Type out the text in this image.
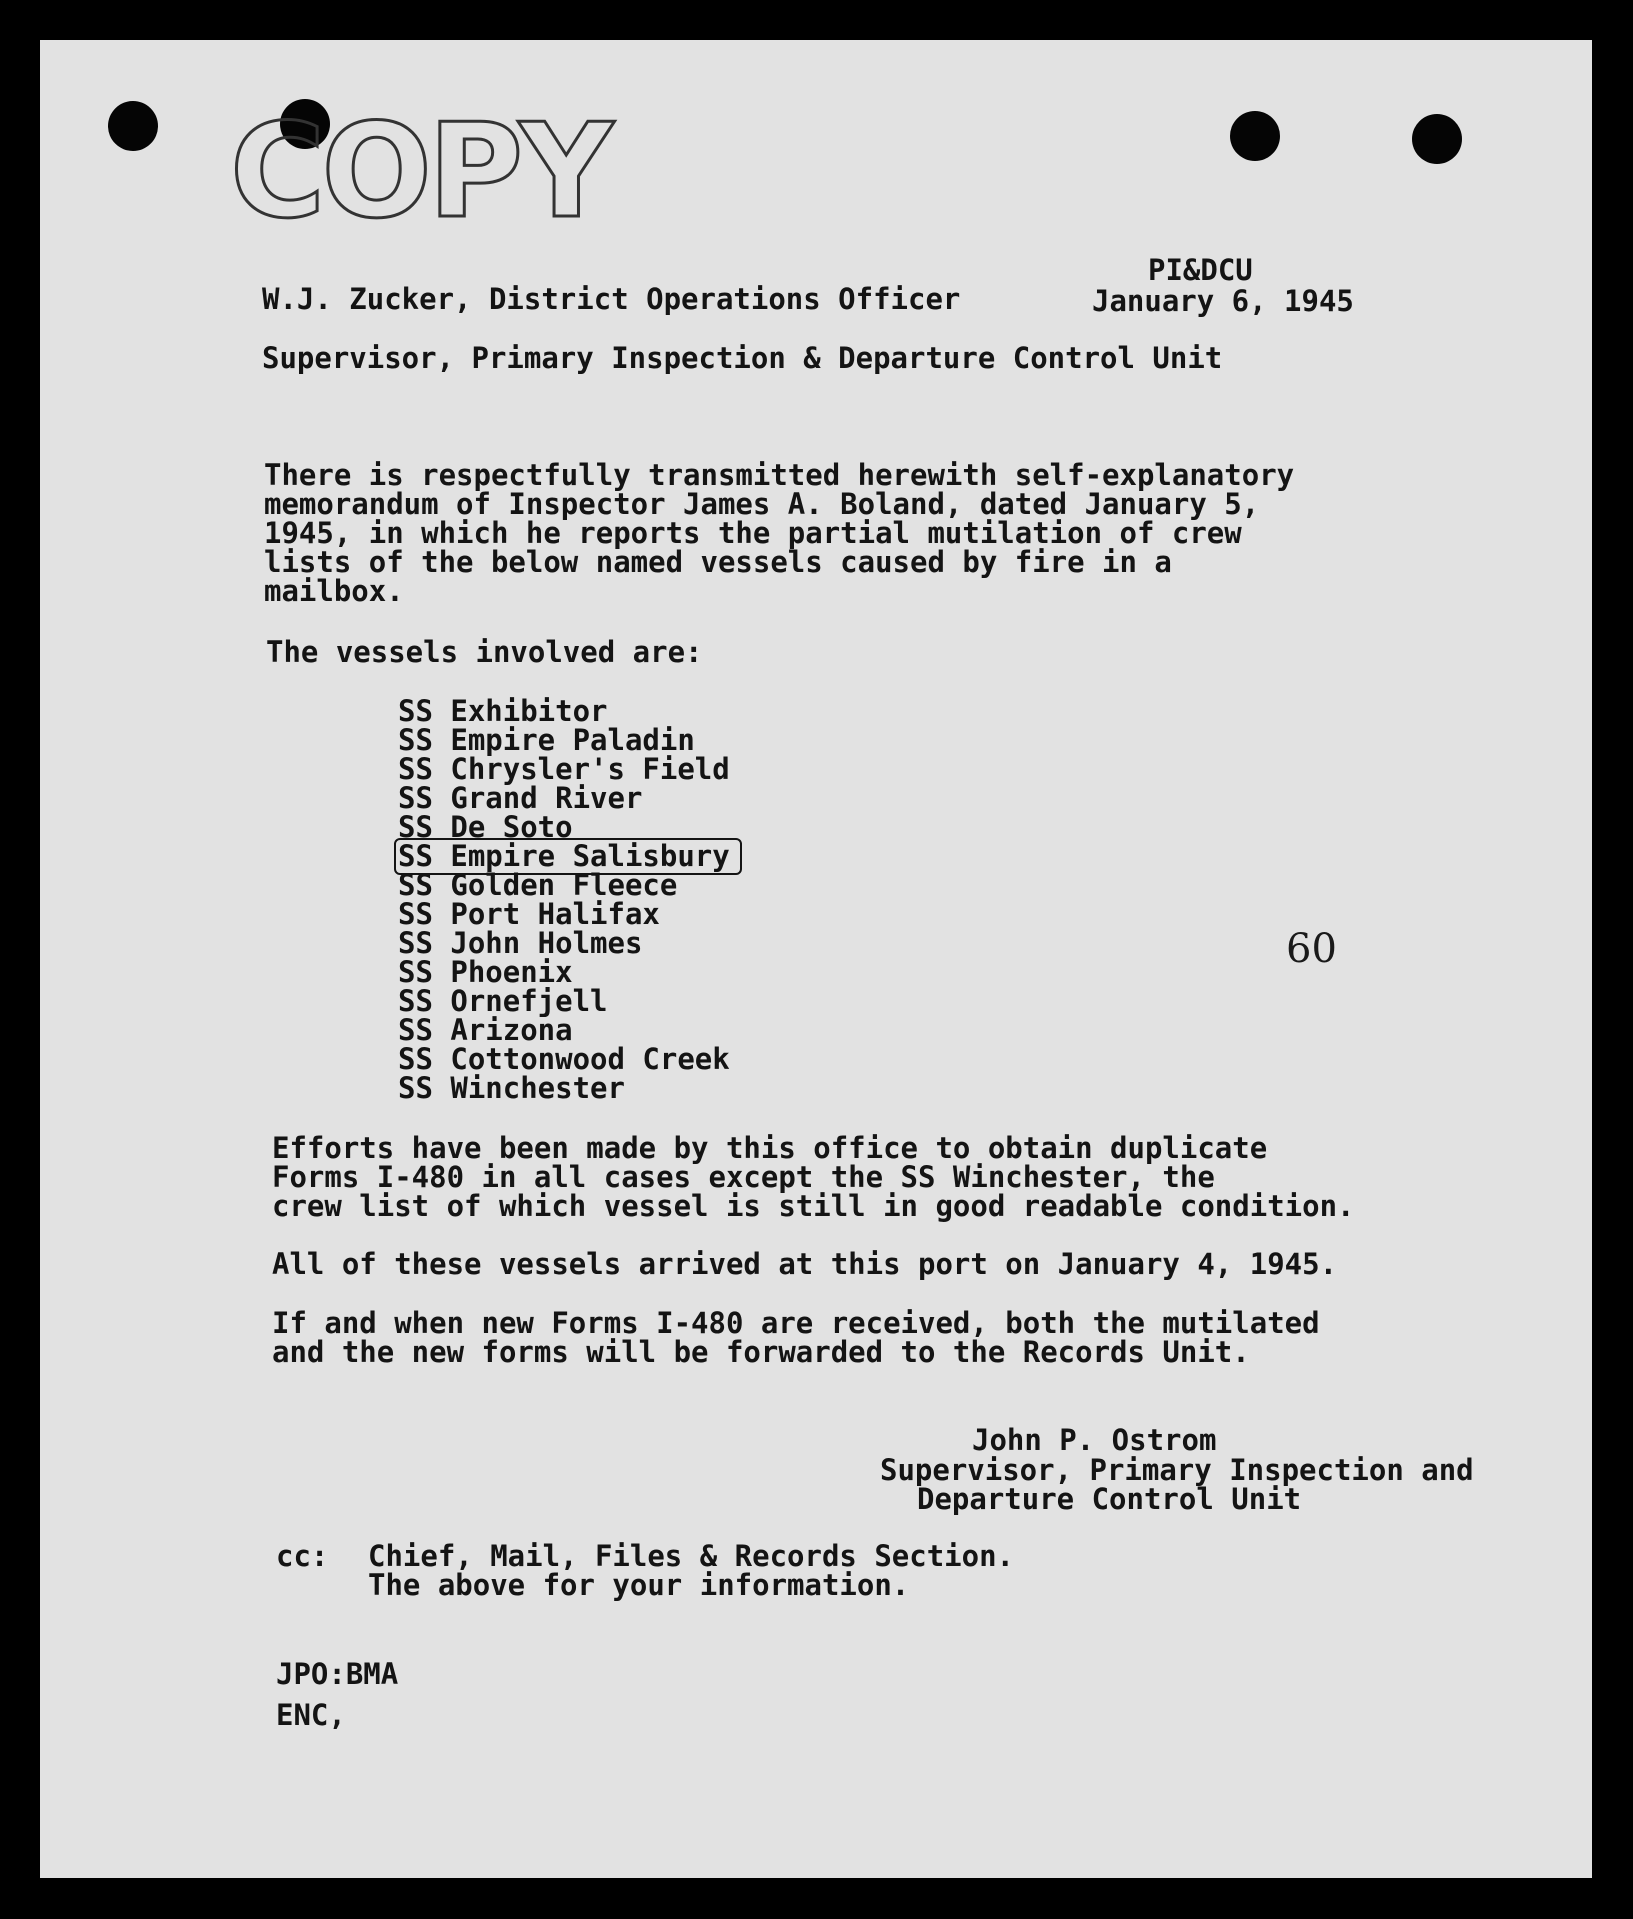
COPY

PI&DCU
W.J. Zucker, District Operations Officer	January 6, 1945
Supervisor, Primary Inspection & Departure Control Unit
There is respectfully transmitted herewith self-explanatory
memorandum of Inspector James A. Boland, dated January 5,
1945, in which he reports the partial mutilation of crew
lists of the below named vessels caused by fire in a
mailbox.
The vessels involved are:
SS Exhibitor
SS Empire Paladin
SS Chrysler's Field
SS Grand River
SS De Soto
SS Empire Salisbury
SS Golden Fleece
SS Port Halifax
SS John Holmes
SS Phoenix
SS Ornefjell
SS Arizona
SS Cottonwood Creek
SS Winchester
60
Efforts have been made by this office to obtain duplicate
Forms I-480 in all cases except the SS Winchester, the
crew list of which vessel is still in good readable condition.
All of these vessels arrived at this port on January 4, 1945.
If and when new Forms I-480 are received, both the mutilated
and the new forms will be forwarded to the Records Unit.
John P. Ostrom
Supervisor, Primary Inspection and
Departure Control Unit
cc: Chief, Mail, Files & Records Section.
The above for your information.
JPO:BMA
ENC,
